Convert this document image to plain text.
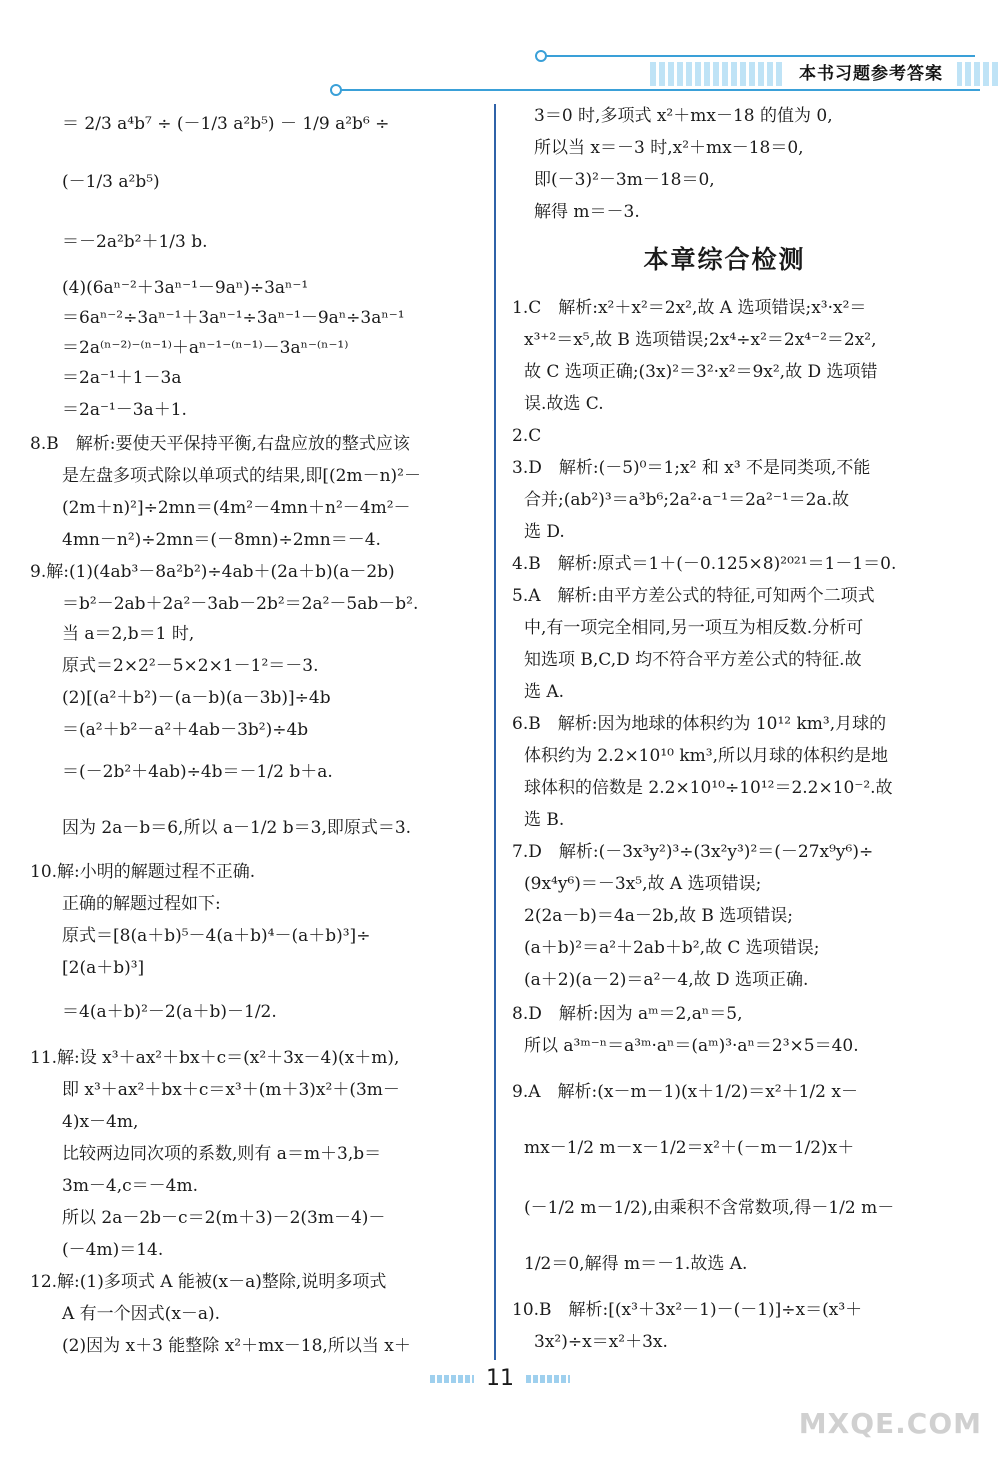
本书习题参考答案
＝ 2/3 a⁴b⁷ ÷ (－1/3 a²b⁵) － 1/9 a²b⁶ ÷
(－1/3 a²b⁵)
＝－2a²b²＋1/3 b.
(4)(6aⁿ⁻²＋3aⁿ⁻¹－9aⁿ)÷3aⁿ⁻¹
＝6aⁿ⁻²÷3aⁿ⁻¹＋3aⁿ⁻¹÷3aⁿ⁻¹－9aⁿ÷3aⁿ⁻¹
＝2a⁽ⁿ⁻²⁾⁻⁽ⁿ⁻¹⁾＋aⁿ⁻¹⁻⁽ⁿ⁻¹⁾－3aⁿ⁻⁽ⁿ⁻¹⁾
＝2a⁻¹＋1－3a
＝2a⁻¹－3a＋1.
8.B　解析:要使天平保持平衡,右盘应放的整式应该
是左盘多项式除以单项式的结果,即[(2m－n)²－
(2m＋n)²]÷2mn＝(4m²－4mn＋n²－4m²－
4mn－n²)÷2mn＝(－8mn)÷2mn＝－4.
9.解:(1)(4ab³－8a²b²)÷4ab＋(2a＋b)(a－2b)
＝b²－2ab＋2a²－3ab－2b²＝2a²－5ab－b².
当 a＝2,b＝1 时,
原式＝2×2²－5×2×1－1²＝－3.
(2)[(a²＋b²)－(a－b)(a－3b)]÷4b
＝(a²＋b²－a²＋4ab－3b²)÷4b
＝(－2b²＋4ab)÷4b＝－1/2 b＋a.
因为 2a－b＝6,所以 a－1/2 b＝3,即原式＝3.
10.解:小明的解题过程不正确.
正确的解题过程如下:
原式＝[8(a＋b)⁵－4(a＋b)⁴－(a＋b)³]÷
[2(a＋b)³]
＝4(a＋b)²－2(a＋b)－1/2.
11.解:设 x³＋ax²＋bx＋c＝(x²＋3x－4)(x＋m),
即 x³＋ax²＋bx＋c＝x³＋(m＋3)x²＋(3m－
4)x－4m,
比较两边同次项的系数,则有 a＝m＋3,b＝
3m－4,c＝－4m.
所以 2a－2b－c＝2(m＋3)－2(3m－4)－
(－4m)＝14.
12.解:(1)多项式 A 能被(x－a)整除,说明多项式
A 有一个因式(x－a).
(2)因为 x＋3 能整除 x²＋mx－18,所以当 x＋
3＝0 时,多项式 x²＋mx－18 的值为 0,
所以当 x＝－3 时,x²＋mx－18＝0,
即(－3)²－3m－18＝0,
解得 m＝－3.
本章综合检测
1.C　解析:x²＋x²＝2x²,故 A 选项错误;x³·x²＝
x³⁺²＝x⁵,故 B 选项错误;2x⁴÷x²＝2x⁴⁻²＝2x²,
故 C 选项正确;(3x)²＝3²·x²＝9x²,故 D 选项错
误.故选 C.
2.C
3.D　解析:(－5)⁰＝1;x² 和 x³ 不是同类项,不能
合并;(ab²)³＝a³b⁶;2a²·a⁻¹＝2a²⁻¹＝2a.故
选 D.
4.B　解析:原式＝1＋(－0.125×8)²⁰²¹＝1－1＝0.
5.A　解析:由平方差公式的特征,可知两个二项式
中,有一项完全相同,另一项互为相反数.分析可
知选项 B,C,D 均不符合平方差公式的特征.故
选 A.
6.B　解析:因为地球的体积约为 10¹² km³,月球的
体积约为 2.2×10¹⁰ km³,所以月球的体积约是地
球体积的倍数是 2.2×10¹⁰÷10¹²＝2.2×10⁻².故
选 B.
7.D　解析:(－3x³y²)³÷(3x²y³)²＝(－27x⁹y⁶)÷
(9x⁴y⁶)＝－3x⁵,故 A 选项错误;
2(2a－b)＝4a－2b,故 B 选项错误;
(a＋b)²＝a²＋2ab＋b²,故 C 选项错误;
(a＋2)(a－2)＝a²－4,故 D 选项正确.
8.D　解析:因为 aᵐ＝2,aⁿ＝5,
所以 a³ᵐ⁻ⁿ＝a³ᵐ·aⁿ＝(aᵐ)³·aⁿ＝2³×5＝40.
9.A　解析:(x－m－1)(x＋1/2)＝x²＋1/2 x－
mx－1/2 m－x－1/2＝x²＋(－m－1/2)x＋
(－1/2 m－1/2),由乘积不含常数项,得－1/2 m－
1/2＝0,解得 m＝－1.故选 A.
10.B　解析:[(x³＋3x²－1)－(－1)]÷x＝(x³＋
3x²)÷x＝x²＋3x.
11
MXQE.COM
